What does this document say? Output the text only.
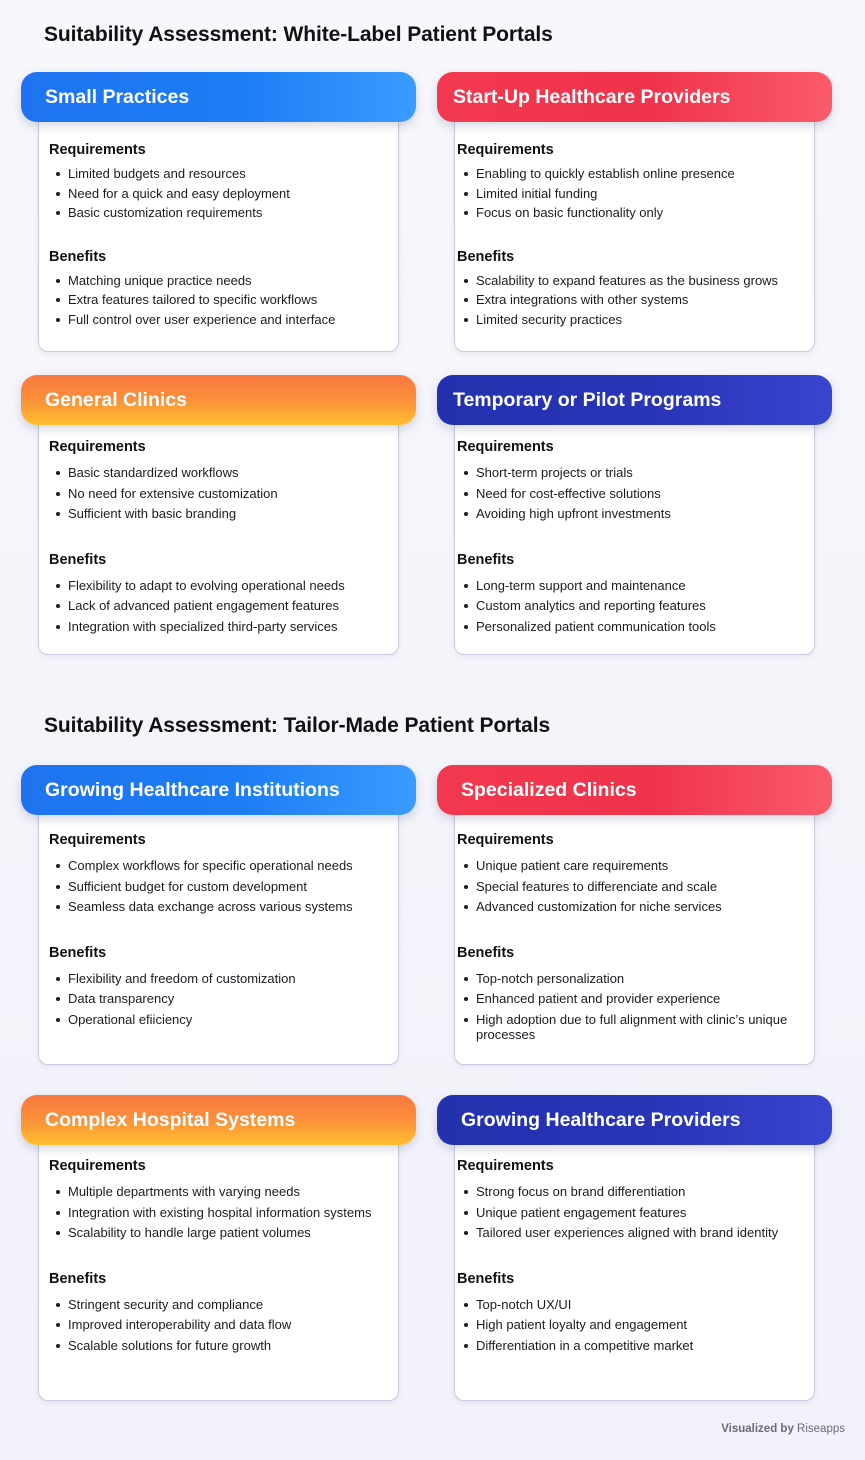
Suitability Assessment: White-Label Patient Portals
Small Practices
Requirements
Limited budgets and resources
Need for a quick and easy deployment
Basic customization requirements
Benefits
Matching unique practice needs
Extra features tailored to specific workflows
Full control over user experience and interface
Start-Up Healthcare Providers
Requirements
Enabling to quickly establish online presence
Limited initial funding
Focus on basic functionality only
Benefits
Scalability to expand features as the business grows
Extra integrations with other systems
Limited security practices
General Clinics
Requirements
Basic standardized workflows
No need for extensive customization
Sufficient with basic branding
Benefits
Flexibility to adapt to evolving operational needs
Lack of advanced patient engagement features
Integration with specialized third-party services
Temporary or Pilot Programs
Requirements
Short-term projects or trials
Need for cost-effective solutions
Avoiding high upfront investments
Benefits
Long-term support and maintenance
Custom analytics and reporting features
Personalized patient communication tools
Suitability Assessment: Tailor-Made Patient Portals
Growing Healthcare Institutions
Requirements
Complex workflows for specific operational needs
Sufficient budget for custom development
Seamless data exchange across various systems
Benefits
Flexibility and freedom of customization
Data transparency
Operational efiiciency
Specialized Clinics
Requirements
Unique patient care requirements
Special features to differenciate and scale
Advanced customization for niche services
Benefits
Top-notch personalization
Enhanced patient and provider experience
High adoption due to full alignment with clinic’s unique processes
Complex Hospital Systems
Requirements
Multiple departments with varying needs
Integration with existing hospital information systems
Scalability to handle large patient volumes
Benefits
Stringent security and compliance
Improved interoperability and data flow
Scalable solutions for future growth
Growing Healthcare Providers
Requirements
Strong focus on brand differentiation
Unique patient engagement features
Tailored user experiences aligned with brand identity
Benefits
Top-notch UX/UI
High patient loyalty and engagement
Differentiation in a competitive market
Visualized by Riseapps
